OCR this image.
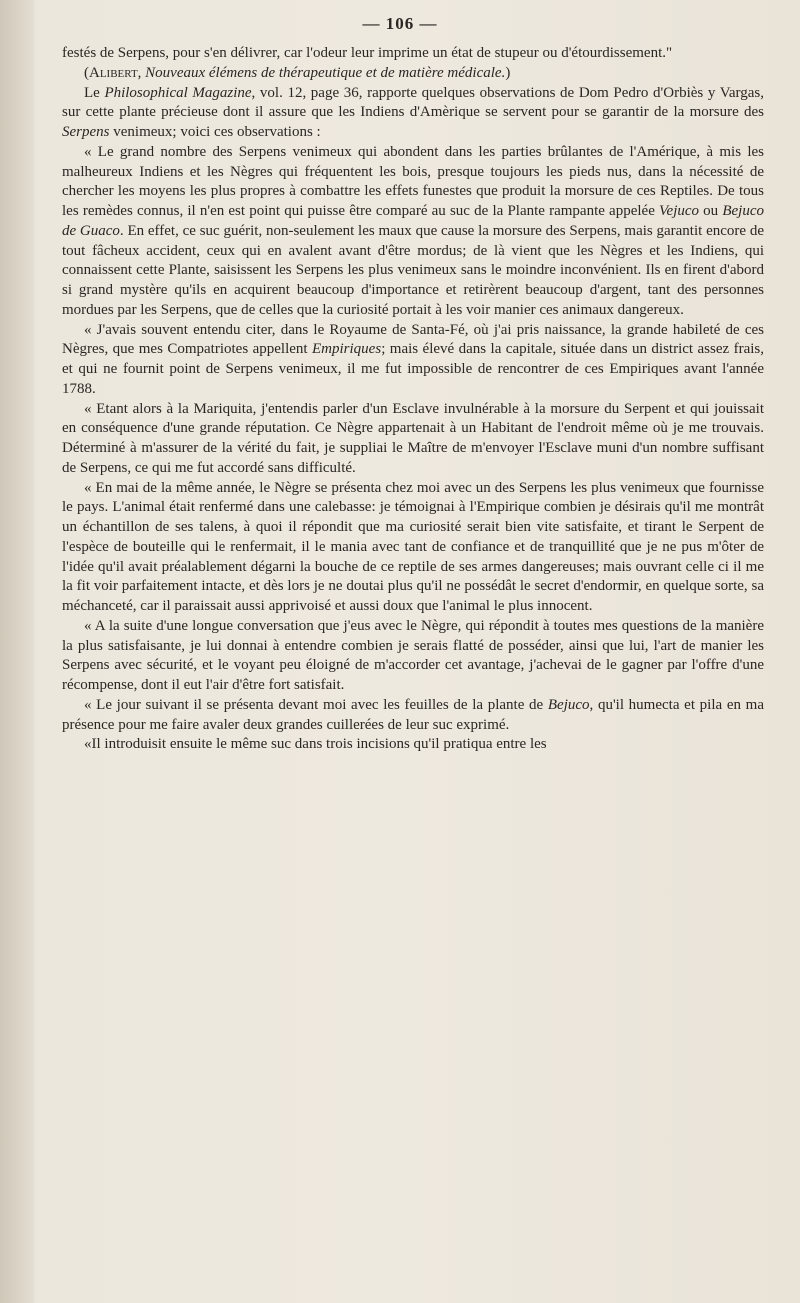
— 106 —

festés de Serpens, pour s'en délivrer, car l'odeur leur imprime un état de stupeur ou d'étourdissement."

(Alibert, Nouveaux élémens de thérapeutique et de matière médicale.)

Le Philosophical Magazine, vol. 12, page 36, rapporte quelques observations de Dom Pedro d'Orbiès y Vargas, sur cette plante précieuse dont il assure que les Indiens d'Amèrique se servent pour se garantir de la morsure des Serpens venimeux; voici ces observations :

« Le grand nombre des Serpens venimeux qui abondent dans les parties brûlantes de l'Amérique, à mis les malheureux Indiens et les Nègres qui fréquentent les bois, presque toujours les pieds nus, dans la nécessité de chercher les moyens les plus propres à combattre les effets funestes que produit la morsure de ces Reptiles. De tous les remèdes connus, il n'en est point qui puisse être comparé au suc de la Plante rampante appelée Vejuco ou Bejuco de Guaco. En effet, ce suc guérit, non-seulement les maux que cause la morsure des Serpens, mais garantit encore de tout fâcheux accident, ceux qui en avalent avant d'être mordus; de là vient que les Nègres et les Indiens, qui connaissent cette Plante, saisissent les Serpens les plus venimeux sans le moindre inconvénient. Ils en firent d'abord si grand mystère qu'ils en acquirent beaucoup d'importance et retirèrent beaucoup d'argent, tant des personnes mordues par les Serpens, que de celles que la curiosité portait à les voir manier ces animaux dangereux.

« J'avais souvent entendu citer, dans le Royaume de Santa-Fé, où j'ai pris naissance, la grande habileté de ces Nègres, que mes Compatriotes appellent Empiriques; mais élevé dans la capitale, située dans un district assez frais, et qui ne fournit point de Serpens venimeux, il me fut impossible de rencontrer de ces Empiriques avant l'année 1788.

« Etant alors à la Mariquita, j'entendis parler d'un Esclave invulnérable à la morsure du Serpent et qui jouissait en conséquence d'une grande réputation. Ce Nègre appartenait à un Habitant de l'endroit même où je me trouvais. Déterminé à m'assurer de la vérité du fait, je suppliai le Maître de m'envoyer l'Esclave muni d'un nombre suffisant de Serpens, ce qui me fut accordé sans difficulté.

« En mai de la même année, le Nègre se présenta chez moi avec un des Serpens les plus venimeux que fournisse le pays. L'animal était renfermé dans une calebasse: je témoignai à l'Empirique combien je désirais qu'il me montrât un échantillon de ses talens, à quoi il répondit que ma curiosité serait bien vite satisfaite, et tirant le Serpent de l'espèce de bouteille qui le renfermait, il le mania avec tant de confiance et de tranquillité que je ne pus m'ôter de l'idée qu'il avait préalablement dégarni la bouche de ce reptile de ses armes dangereuses; mais ouvrant celle ci il me la fit voir parfaitement intacte, et dès lors je ne doutai plus qu'il ne possédât le secret d'endormir, en quelque sorte, sa méchanceté, car il paraissait aussi apprivoisé et aussi doux que l'animal le plus innocent.

« A la suite d'une longue conversation que j'eus avec le Nègre, qui répondit à toutes mes questions de la manière la plus satisfaisante, je lui donnai à entendre combien je serais flatté de posséder, ainsi que lui, l'art de manier les Serpens avec sécurité, et le voyant peu éloigné de m'accorder cet avantage, j'achevai de le gagner par l'offre d'une récompense, dont il eut l'air d'être fort satisfait.

« Le jour suivant il se présenta devant moi avec les feuilles de la plante de Bejuco, qu'il humecta et pila en ma présence pour me faire avaler deux grandes cuillerées de leur suc exprimé.

«Il introduisit ensuite le même suc dans trois incisions qu'il pratiqua entre les
